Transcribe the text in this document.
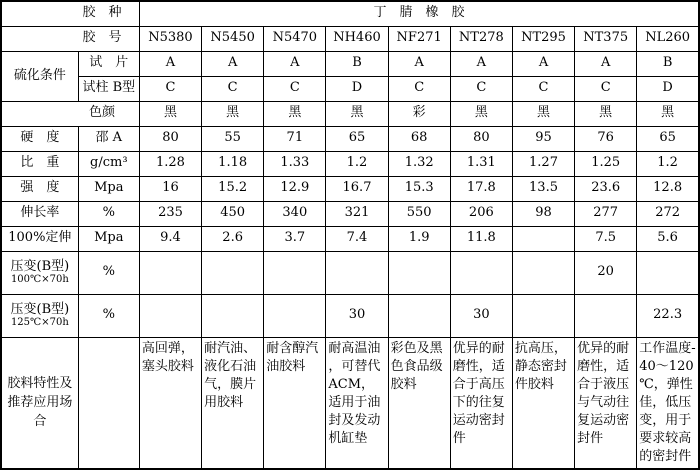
胶　种		丁　腈　橡　胶								
胶　号		N5380	N5450	N5470	NH460	NF271	NT278	NT295	NT375	NL260
硫化条件	试　片	A	A	A	B	A	A	A	A	B
	试柱 B型	C	C	C	D	C	C	C	C	D
色颜		黑	黑	黑	黑	彩	黑	黑	黑	黑
硬　度	邵 A	80	55	71	65	68	80	95	76	65
比　重	g/cm³	1.28	1.18	1.33	1.2	1.32	1.31	1.27	1.25	1.2
强　度	Mpa	16	15.2	12.9	16.7	15.3	17.8	13.5	23.6	12.8
伸长率	%	235	450	340	321	550	206	98	277	272
100%定伸	Mpa	9.4	2.6	3.7	7.4	1.9	11.8		7.5	5.6

压变(B型)
100℃×70h	%								20	

压变(B型)
125℃×70h	%				30		30			22.3
胶料特性及推荐应用场合		高回弹，塞头胶料	耐汽油、液化石油气，膜片用胶料	耐含醇汽油胶料	耐高温油，可替代ACM，适用于油封及发动机缸垫	彩色及黑色食品级胶料	优异的耐磨性，适合于高压下的往复运动密封件	抗高压，静态密封件胶料	优异的耐磨性，适合于液压与气动往复运动密封件	工作温度-40～120℃，弹性佳，低压变，用于要求较高的密封件
